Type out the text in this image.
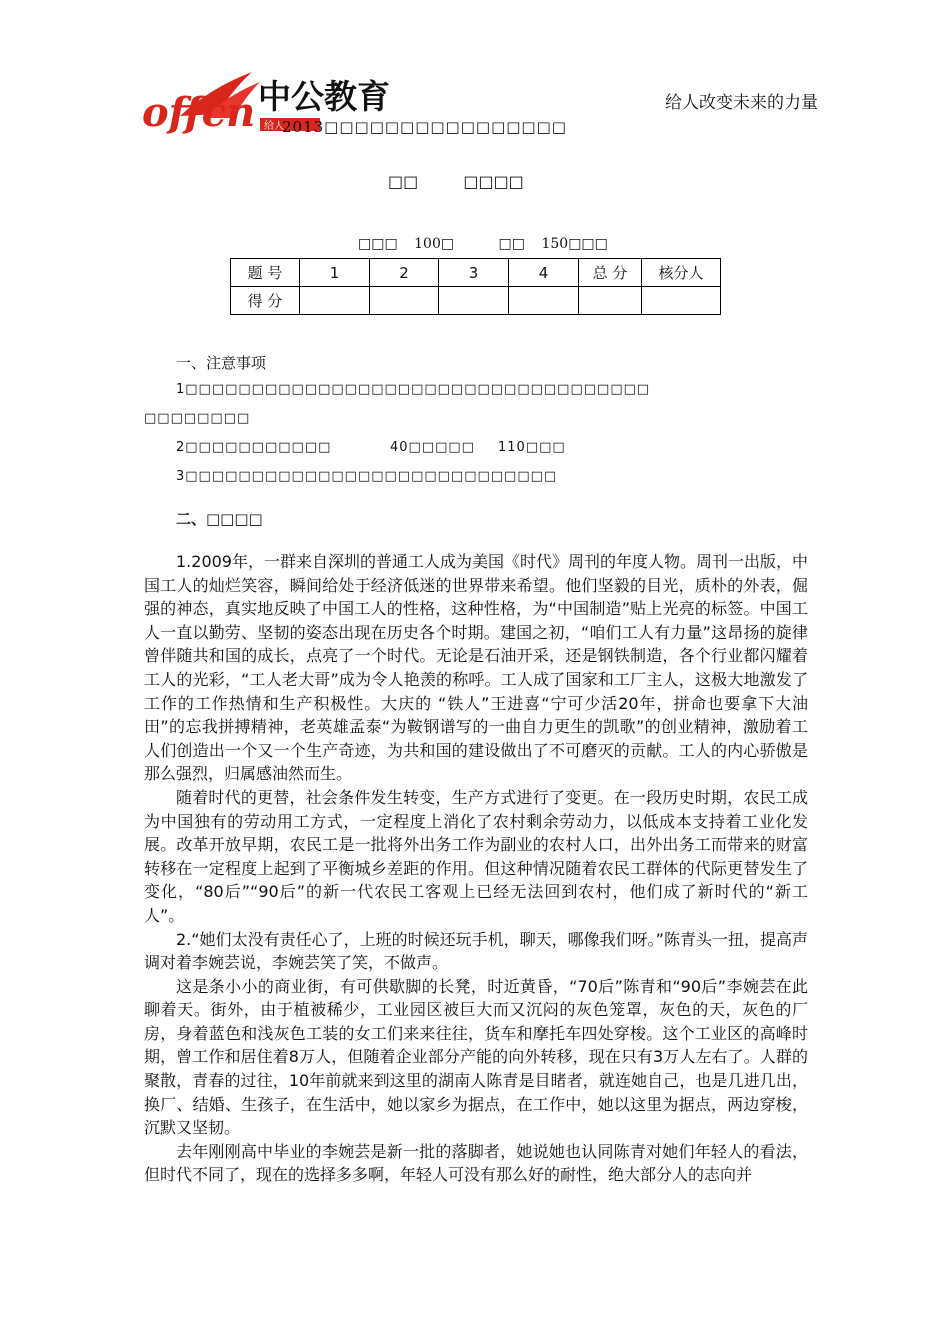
offcn 中公教育
给人
给人改变未来的力量
2013□□□□□□□□□□□□□□□□
□□	□□□□
□□□ 100□	□□ 150□□□
题 号	1	2	3	4	总 分	核分人
得 分						
一、注意事项
1□□□□□□□□□□□□□□□□□□□□□□□□□□□□□□□□□□□
□□□□□□□□
2□□□□□□□□□□□	40□□□□□ 110□□□
3□□□□□□□□□□□□□□□□□□□□□□□□□□□□
二、□□□□

1.2009年，一群来自深圳的普通工人成为美国《时代》周刊的年度人物。周刊一出版，中国工人的灿烂笑容，瞬间给处于经济低迷的世界带来希望。他们坚毅的目光，质朴的外表，倔强的神态，真实地反映了中国工人的性格，这种性格，为“中国制造”贴上光亮的标签。中国工人一直以勤劳、坚韧的姿态出现在历史各个时期。建国之初，“咱们工人有力量”这昂扬的旋律曾伴随共和国的成长，点亮了一个时代。无论是石油开采，还是钢铁制造，各个行业都闪耀着工人的光彩，“工人老大哥”成为令人艳羡的称呼。工人成了国家和工厂主人，这极大地激发了工作的工作热情和生产积极性。大庆的 “铁人”王进喜“宁可少活20年，拼命也要拿下大油田”的忘我拼搏精神，老英雄孟泰“为鞍钢谱写的一曲自力更生的凯歌”的创业精神，激励着工人们创造出一个又一个生产奇迹，为共和国的建设做出了不可磨灭的贡献。工人的内心骄傲是那么强烈，归属感油然而生。

随着时代的更替，社会条件发生转变，生产方式进行了变更。在一段历史时期，农民工成为中国独有的劳动用工方式，一定程度上消化了农村剩余劳动力，以低成本支持着工业化发展。改革开放早期，农民工是一批将外出务工作为副业的农村人口，出外出务工而带来的财富转移在一定程度上起到了平衡城乡差距的作用。但这种情况随着农民工群体的代际更替发生了变化，“80后”“90后”的新一代农民工客观上已经无法回到农村，他们成了新时代的“新工人”。

2.“她们太没有责任心了，上班的时候还玩手机，聊天，哪像我们呀。”陈青头一扭，提高声调对着李婉芸说，李婉芸笑了笑，不做声。

这是条小小的商业街，有可供歇脚的长凳，时近黄昏，“70后”陈青和“90后”李婉芸在此聊着天。街外，由于植被稀少，工业园区被巨大而又沉闷的灰色笼罩，灰色的天，灰色的厂房，身着蓝色和浅灰色工装的女工们来来往往，货车和摩托车四处穿梭。这个工业区的高峰时期，曾工作和居住着8万人，但随着企业部分产能的向外转移，现在只有3万人左右了。人群的聚散，青春的过往，10年前就来到这里的湖南人陈青是目睹者，就连她自己，也是几进几出，换厂、结婚、生孩子，在生活中，她以家乡为据点，在工作中，她以这里为据点，两边穿梭，沉默又坚韧。

去年刚刚高中毕业的李婉芸是新一批的落脚者，她说她也认同陈青对她们年轻人的看法，但时代不同了，现在的选择多多啊，年轻人可没有那么好的耐性，绝大部分人的志向并
